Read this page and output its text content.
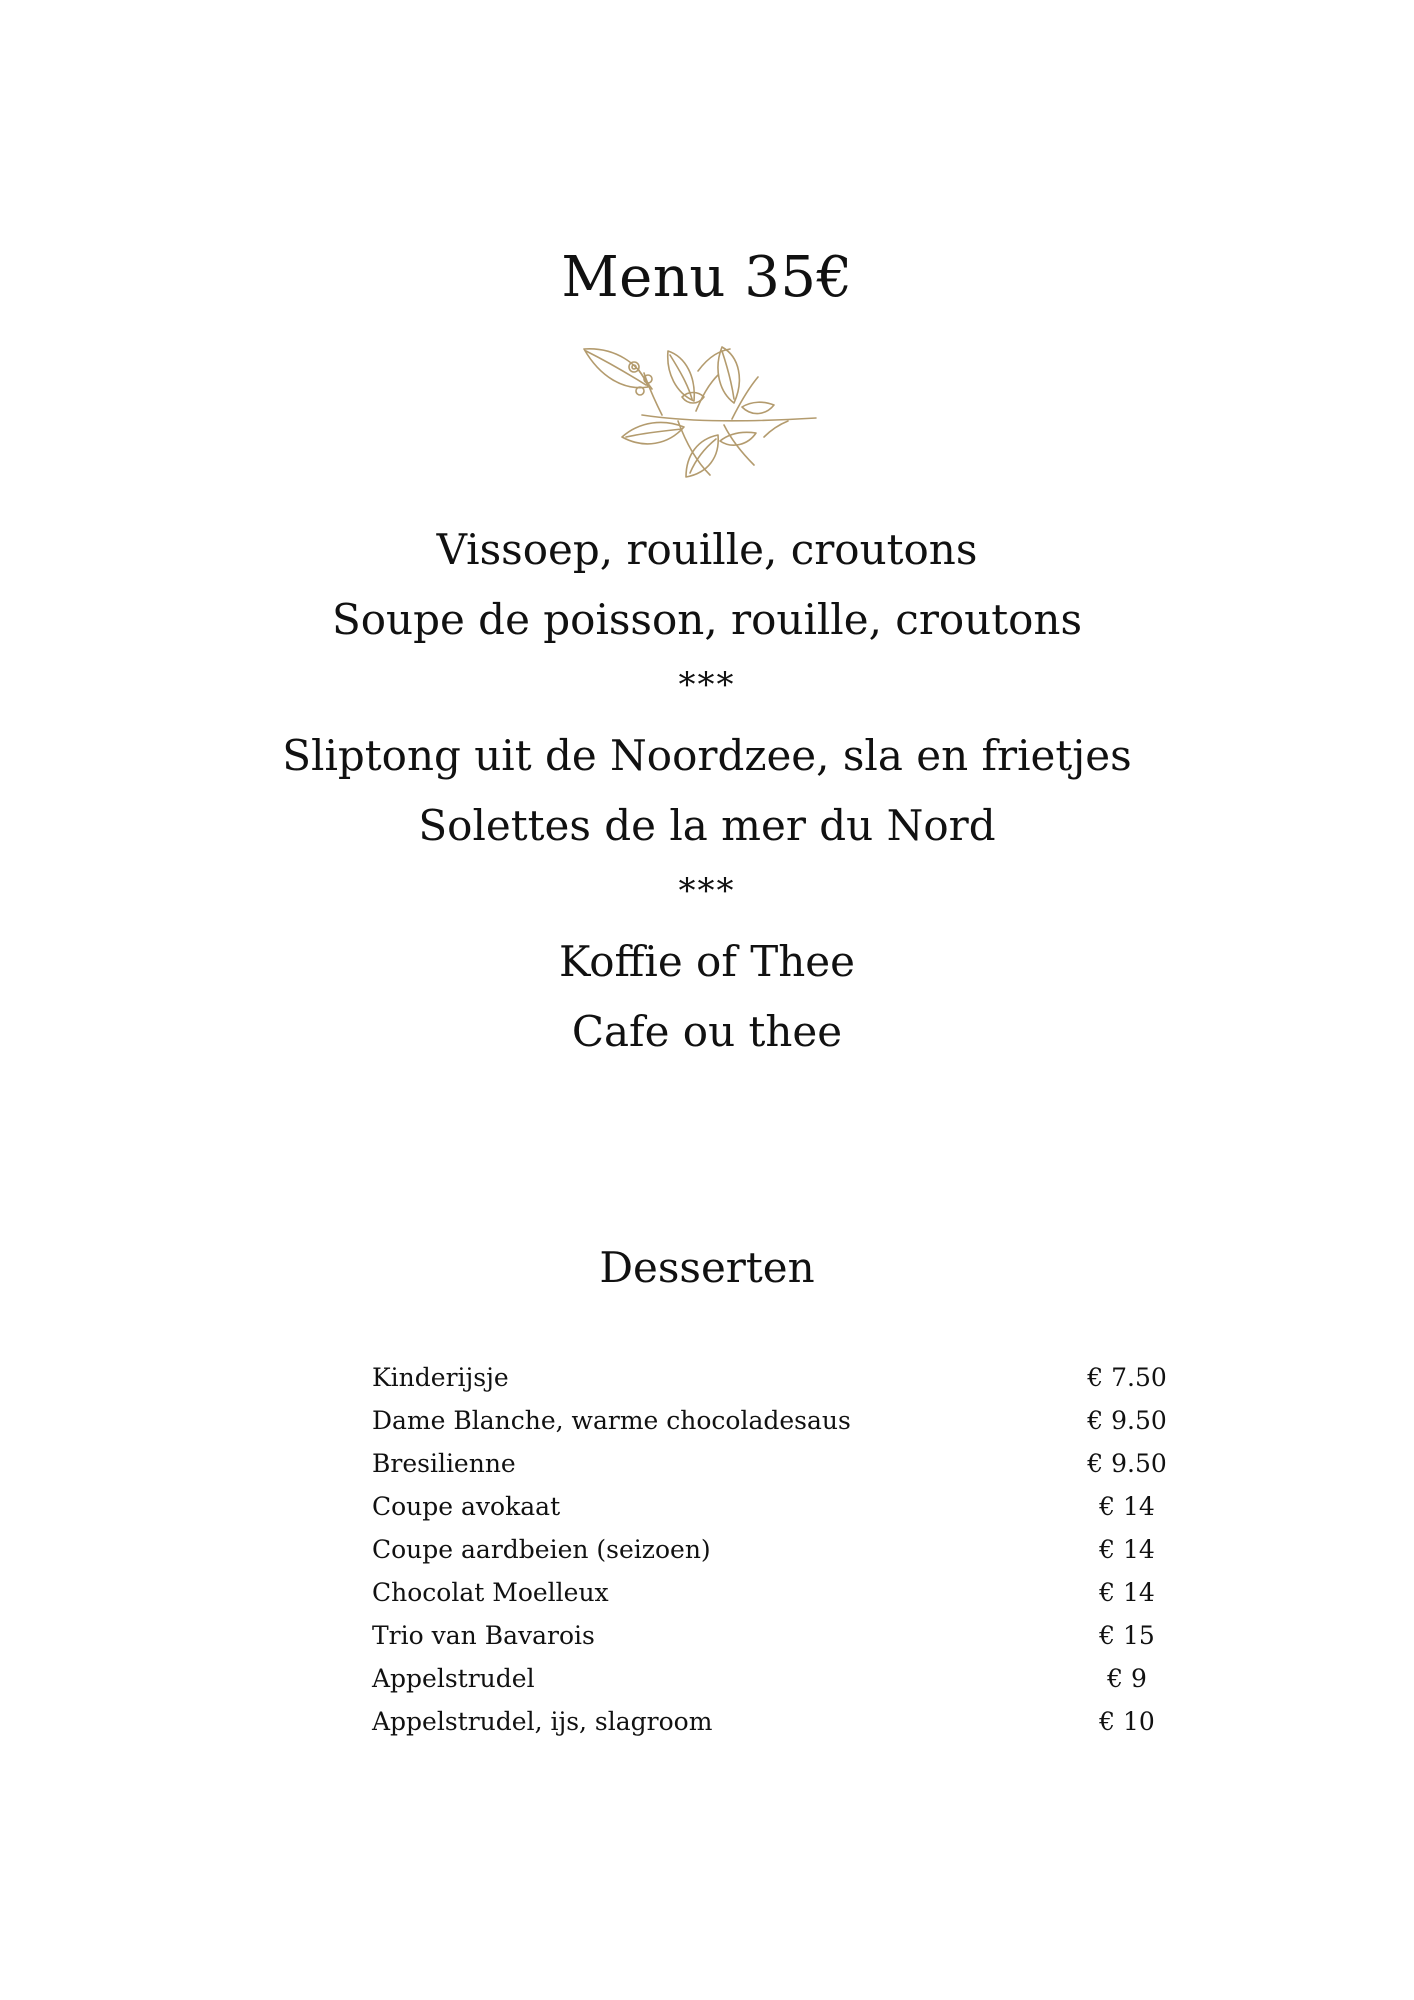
Menu 35€

Vissoep, rouille, croutons

Soupe de poisson, rouille, croutons

***

Sliptong uit de Noordzee, sla en frietjes

Solettes de la mer du Nord

***

Koffie of Thee

Cafe ou thee

Desserten
Kinderijsje	€ 7.50
Dame Blanche, warme chocoladesaus	€ 9.50
Bresilienne	€ 9.50
Coupe avokaat	€ 14
Coupe aardbeien (seizoen)	€ 14
Chocolat Moelleux	€ 14
Trio van Bavarois	€ 15
Appelstrudel	€ 9
Appelstrudel, ijs, slagroom	€ 10
